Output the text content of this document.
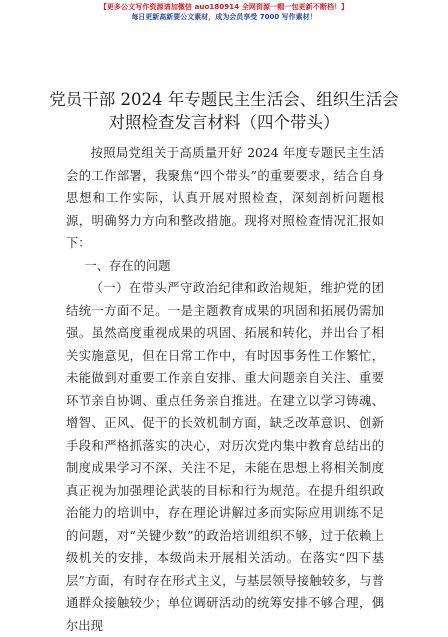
【更多公文写作资源请加微信 auo180914 全网资源一帽一包更新不断档！】
每日更新高新要公文素材，成为会员享受 7000 写作素材！
党员干部 2024 年专题民主生活会、组织生活会
对照检查发言材料（四个带头）

按照局党组关于高质量开好 2024 年度专题民主生活会的工作部署，我聚焦“四个带头”的重要要求，结合自身思想和工作实际，认真开展对照检查，深刻剖析问题根源，明确努力方向和整改措施。现将对照检查情况汇报如下：

一、存在的问题

（一）在带头严守政治纪律和政治规矩，维护党的团结统一方面不足。一是主题教育成果的巩固和拓展仍需加强。虽然高度重视成果的巩固、拓展和转化，并出台了相关实施意见，但在日常工作中，有时因事务性工作繁忙，未能做到对重要工作亲自安排、重大问题亲自关注、重要环节亲自协调、重点任务亲自推进。在建立以学习铸魂、增智、正风、促干的长效机制方面，缺乏改革意识、创新手段和严格抓落实的决心，对历次党内集中教育总结出的制度成果学习不深、关注不足，未能在思想上将相关制度真正视为加强理论武装的目标和行为规范。在提升组织政治能力的培训中，存在理论讲解过多而实际应用训练不足的问题，对“关键少数”的政治培训组织不够，过于依赖上级机关的安排，本级尚未开展相关活动。在落实“四下基层”方面，有时存在形式主义，与基层领导接触较多，与普通群众接触较少；单位调研活动的统筹安排不够合理，偶尔出现
